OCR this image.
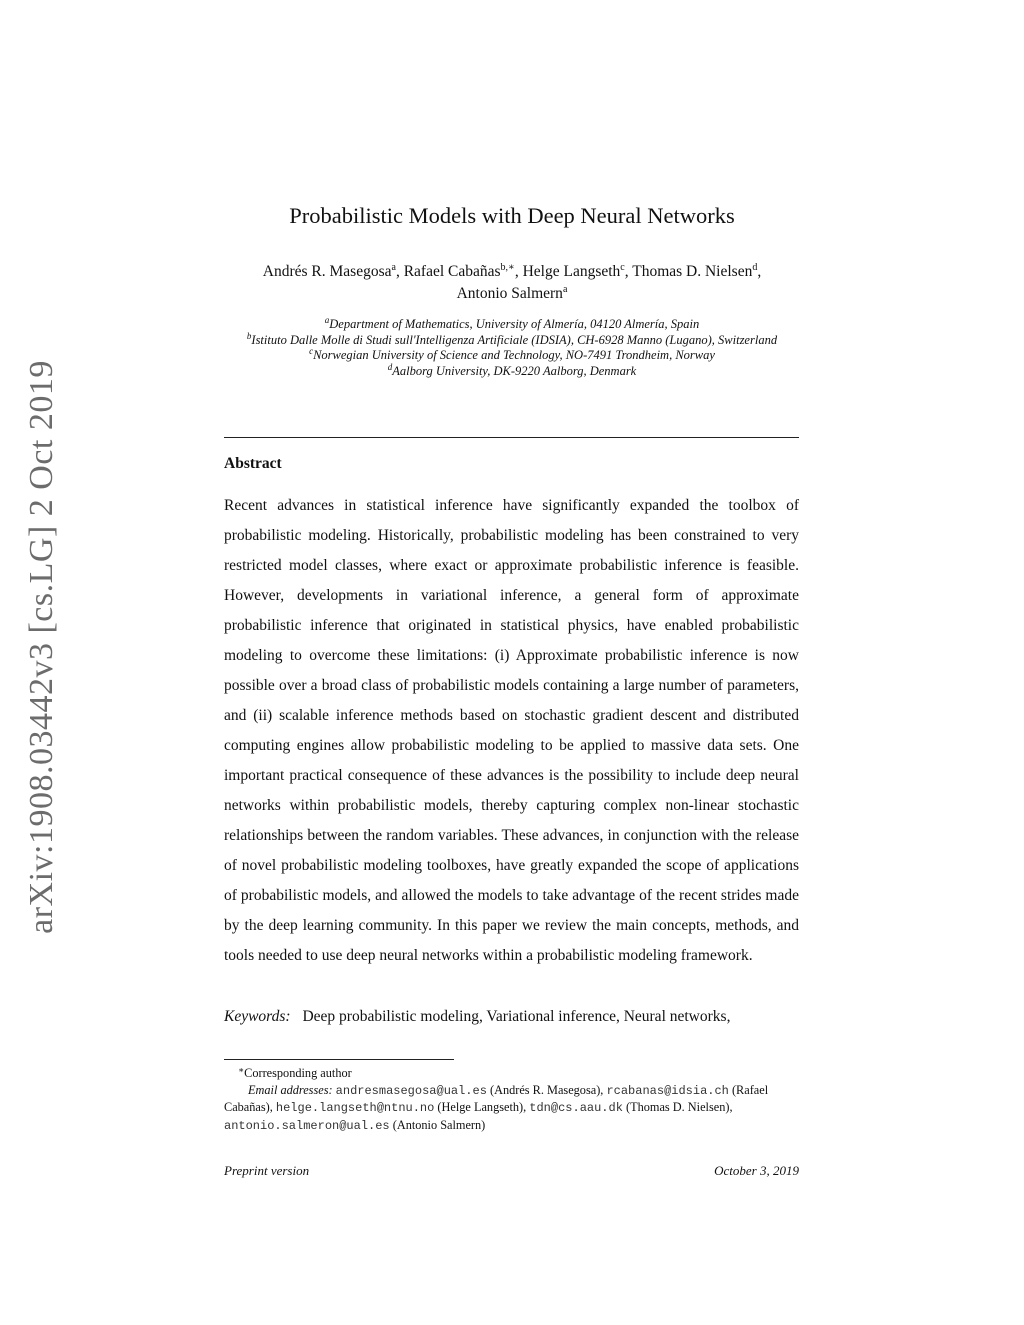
arXiv:1908.03442v3 [cs.LG] 2 Oct 2019
Probabilistic Models with Deep Neural Networks
Andrés R. Masegosa$^a$, Rafael Cabañas$^{b,∗}$, Helge Langseth$^c$, Thomas D. Nielsen$^d$,
Antonio Salmern$^a$
$^a$Department of Mathematics, University of Almería, 04120 Almería, Spain
$^b$Istituto Dalle Molle di Studi sull'Intelligenza Artificiale (IDSIA), CH-6928 Manno (Lugano), Switzerland
$^c$Norwegian University of Science and Technology, NO-7491 Trondheim, Norway
$^d$Aalborg University, DK-9220 Aalborg, Denmark
Abstract

Recent advances in statistical inference have significantly expanded the toolbox of probabilistic modeling. Historically, probabilistic modeling has been constrained to very restricted model classes, where exact or approximate probabilistic inference is feasible. However, developments in variational inference, a general form of approximate probabilistic inference that originated in statistical physics, have enabled probabilistic modeling to overcome these limitations: (i) Approximate probabilistic inference is now possible over a broad class of probabilistic models containing a large number of parameters, and (ii) scalable inference methods based on stochastic gradient descent and distributed computing engines allow probabilistic modeling to be applied to massive data sets. One important practical consequence of these advances is the possibility to include deep neural networks within probabilistic models, thereby capturing complex non-linear stochastic relationships between the random variables. These advances, in conjunction with the release of novel probabilistic modeling toolboxes, have greatly expanded the scope of applications of probabilistic models, and allowed the models to take advantage of the recent strides made by the deep learning community. In this paper we review the main concepts, methods, and tools needed to use deep neural networks within a probabilistic modeling framework.

Keywords: Deep probabilistic modeling, Variational inference, Neural networks,
∗Corresponding author
Email addresses: andresmasegosa@ual.es (Andrés R. Masegosa), rcabanas@idsia.ch (Rafael Cabañas), helge.langseth@ntnu.no (Helge Langseth), tdn@cs.aau.dk (Thomas D. Nielsen), antonio.salmeron@ual.es (Antonio Salmern)
Preprint version	October 3, 2019
